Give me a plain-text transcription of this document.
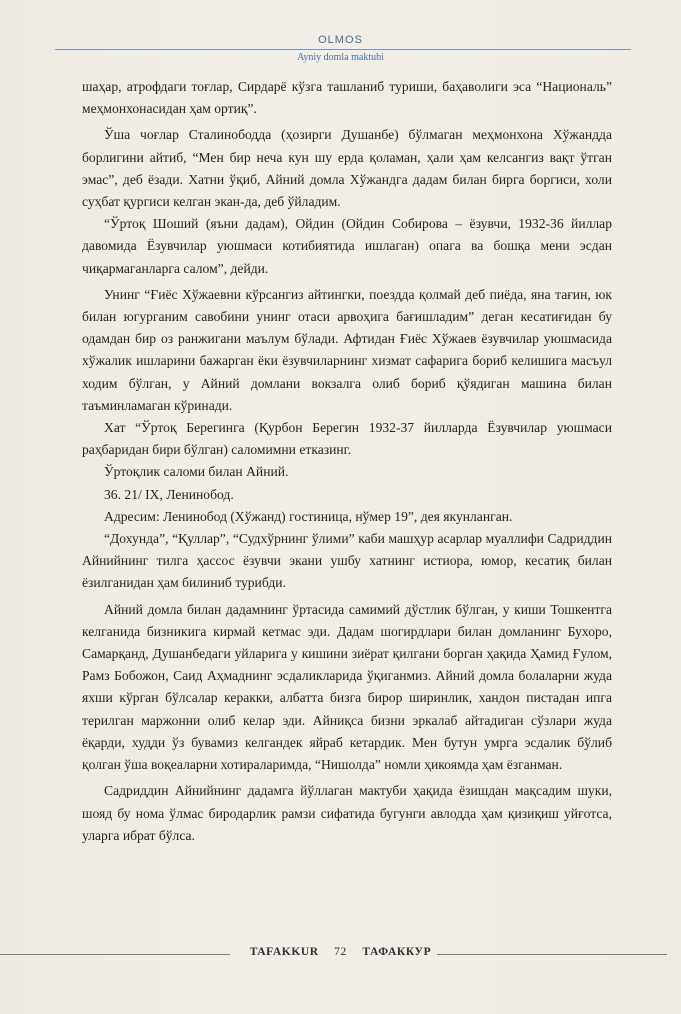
OLMOS
Ayniy domla maktubi

шаҳар, атрофдаги тоғлар, Сирдарё кўзга ташланиб туриши, баҳаволиги эса “Националь” меҳмонхонасидан ҳам ортиқ”.

Ўша чоғлар Сталинободда (ҳозирги Душанбе) бўлмаган меҳмонхона Хўжандда борлигини айтиб, “Мен бир неча кун шу ерда қоламан, ҳали ҳам келсангиз вақт ўтган эмас”, деб ёзади. Хатни ўқиб, Айний домла Хўжандга дадам билан бирга боргиси, холи суҳбат қургиси келган экан-да, деб ўйладим.

“Ўртоқ Шоший (яъни дадам), Ойдин (Ойдин Собирова – ёзувчи, 1932-36 йиллар давомида Ёзувчилар уюшмаси котибиятида ишлаган) опага ва бошқа мени эсдан чиқармаганларга салом”, дейди.

Унинг “Ғиёс Хўжаевни кўрсангиз айтингки, поездда қолмай деб пиёда, яна тағин, юк билан югурганим савобини унинг отаси арвоҳига бағишладим” деган кесатиғидан бу одамдан бир оз ранжигани маълум бўлади. Афтидан Ғиёс Хўжаев ёзувчилар уюшмасида хўжалик ишларини бажарган ёки ёзувчиларнинг хизмат сафарига бориб келишига масъул ходим бўлган, у Айний домлани вокзалга олиб бориб қўядиган машина билан таъминламаган кўринади.

Хат “Ўртоқ Берегинга (Қурбон Берегин 1932-37 йилларда Ёзувчилар уюшмаси раҳбаридан бири бўлган) саломимни етказинг.

Ўртоқлик саломи билан Айний.

36. 21/ IX, Ленинобод.

Адресим: Ленинобод (Хўжанд) гостиница, нўмер 19”, дея якунланган.

“Дохунда”, “Қуллар”, “Судхўрнинг ўлими” каби машҳур асарлар муаллифи Садриддин Айнийнинг тилга ҳассос ёзувчи экани ушбу хатнинг истиора, юмор, кесатиқ билан ёзилганидан ҳам билиниб турибди.

Айний домла билан дадамнинг ўртасида самимий дўстлик бўлган, у киши Тошкентга келганида бизникига кирмай кетмас эди. Дадам шогирдлари билан домланинг Бухоро, Самарқанд, Душанбедаги уйларига у кишини зиёрат қилгани борган ҳақида Ҳамид Ғулом, Рамз Бобожон, Саид Аҳмаднинг эсдаликларида ўқиганмиз. Айний домла болаларни жуда яхши кўрган бўлсалар керакки, албатта бизга бирор ширинлик, хандон пистадан ипга терилган маржонни олиб келар эди. Айниқса бизни эркалаб айтадиган сўзлари жуда ёқарди, худди ўз бувамиз келгандек яйраб кетардик. Мен бутун умрга эсдалик бўлиб қолган ўша воқеаларни хотираларимда, “Нишолда” номли ҳикоямда ҳам ёзганман.

Садриддин Айнийнинг дадамга йўллаган мактуби ҳақида ёзишдан мақсадим шуки, шояд бу нома ўлмас биродарлик рамзи сифатида бугунги авлодда ҳам қизиқиш уйғотса, уларга ибрат бўлса.

TAFAKKUR 72 ТАФАККУР
